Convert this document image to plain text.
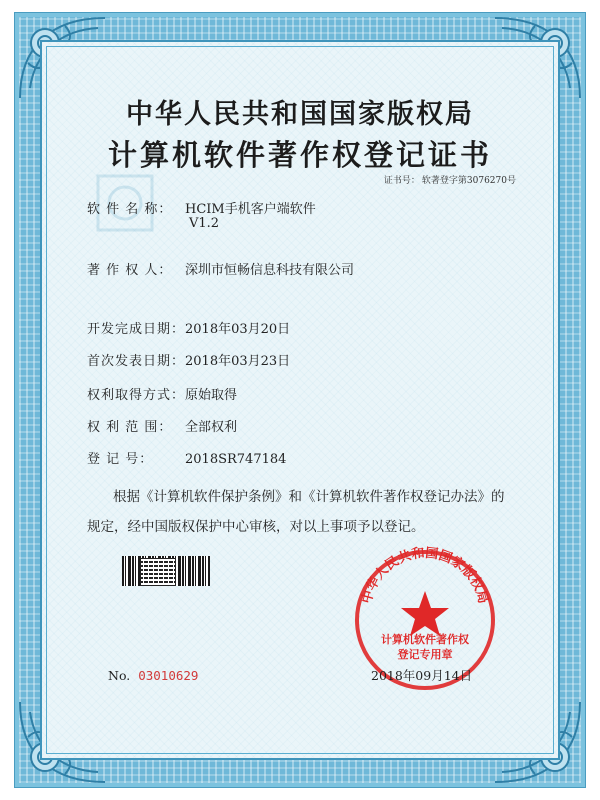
中华人民共和国国家版权局
计算机软件著作权登记证书
证书号： 软著登字第3076270号
软 件 名 称： HCIM手机客户端软件
V1.2
著 作 权 人： 深圳市恒畅信息科技有限公司
开发完成日期：2018年03月20日
首次发表日期：2018年03月23日
权利取得方式：原始取得
权 利 范 围： 全部权利
登 记 号： 2018SR747184
根据《计算机软件保护条例》和《计算机软件著作权登记办法》的
规定，经中国版权保护中心审核，对以上事项予以登记。
中华人民共和国国家版权局
计算机软件著作权
登记专用章
No. 03010629	2018年09月14日
